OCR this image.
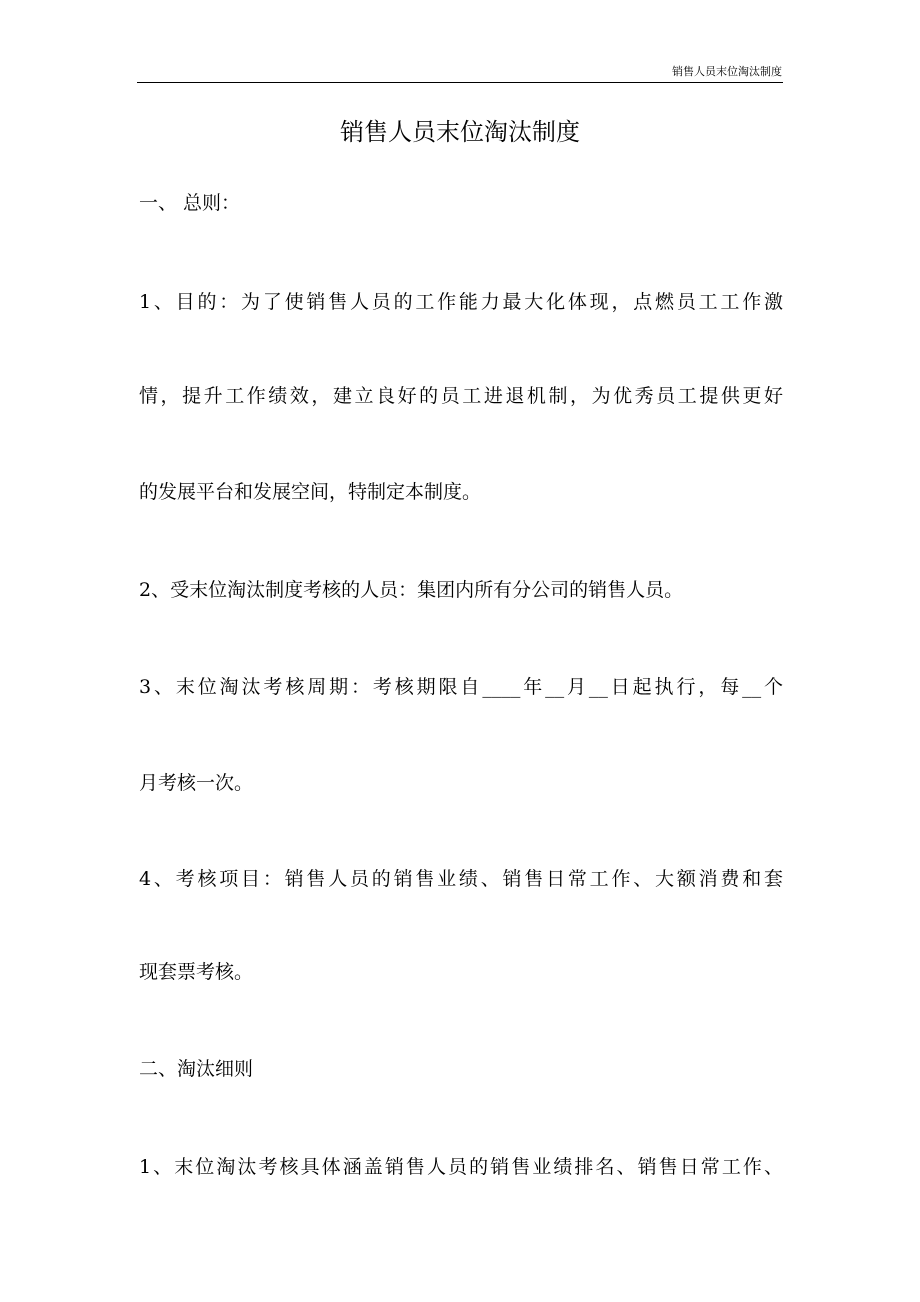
销售人员末位淘汰制度
销售人员末位淘汰制度
一、 总则：
1、目的：为了使销售人员的工作能力最大化体现，点燃员工工作激
情，提升工作绩效，建立良好的员工进退机制，为优秀员工提供更好
的发展平台和发展空间，特制定本制度。
2、受末位淘汰制度考核的人员：集团内所有分公司的销售人员。
3、末位淘汰考核周期：考核期限自____年__月__日起执行，每__个
月考核一次。
4、考核项目：销售人员的销售业绩、销售日常工作、大额消费和套
现套票考核。
二、淘汰细则
1、末位淘汰考核具体涵盖销售人员的销售业绩排名、销售日常工作、
